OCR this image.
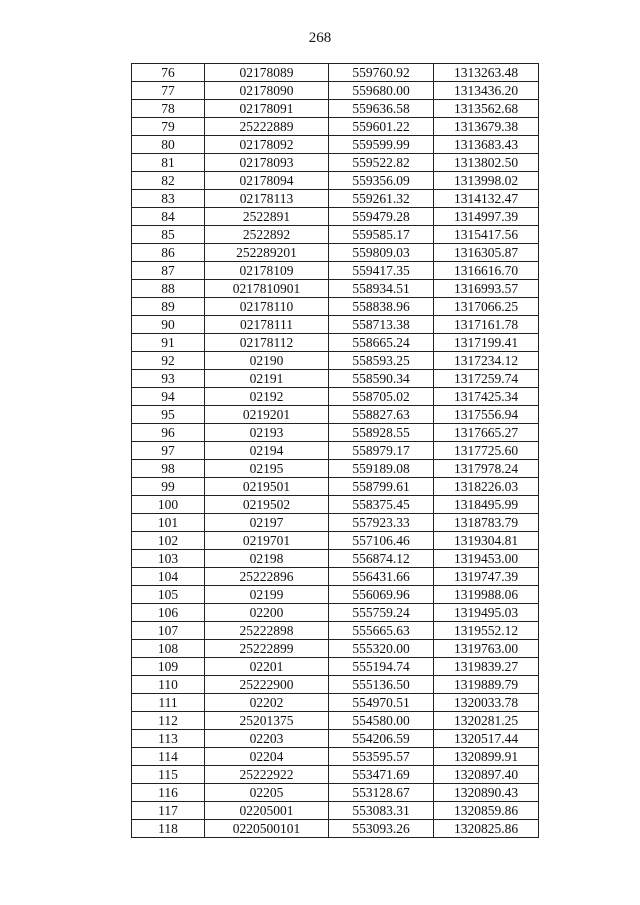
268
76	02178089	559760.92	1313263.48
77	02178090	559680.00	1313436.20
78	02178091	559636.58	1313562.68
79	25222889	559601.22	1313679.38
80	02178092	559599.99	1313683.43
81	02178093	559522.82	1313802.50
82	02178094	559356.09	1313998.02
83	02178113	559261.32	1314132.47
84	2522891	559479.28	1314997.39
85	2522892	559585.17	1315417.56
86	252289201	559809.03	1316305.87
87	02178109	559417.35	1316616.70
88	0217810901	558934.51	1316993.57
89	02178110	558838.96	1317066.25
90	02178111	558713.38	1317161.78
91	02178112	558665.24	1317199.41
92	02190	558593.25	1317234.12
93	02191	558590.34	1317259.74
94	02192	558705.02	1317425.34
95	0219201	558827.63	1317556.94
96	02193	558928.55	1317665.27
97	02194	558979.17	1317725.60
98	02195	559189.08	1317978.24
99	0219501	558799.61	1318226.03
100	0219502	558375.45	1318495.99
101	02197	557923.33	1318783.79
102	0219701	557106.46	1319304.81
103	02198	556874.12	1319453.00
104	25222896	556431.66	1319747.39
105	02199	556069.96	1319988.06
106	02200	555759.24	1319495.03
107	25222898	555665.63	1319552.12
108	25222899	555320.00	1319763.00
109	02201	555194.74	1319839.27
110	25222900	555136.50	1319889.79
111	02202	554970.51	1320033.78
112	25201375	554580.00	1320281.25
113	02203	554206.59	1320517.44
114	02204	553595.57	1320899.91
115	25222922	553471.69	1320897.40
116	02205	553128.67	1320890.43
117	02205001	553083.31	1320859.86
118	0220500101	553093.26	1320825.86
